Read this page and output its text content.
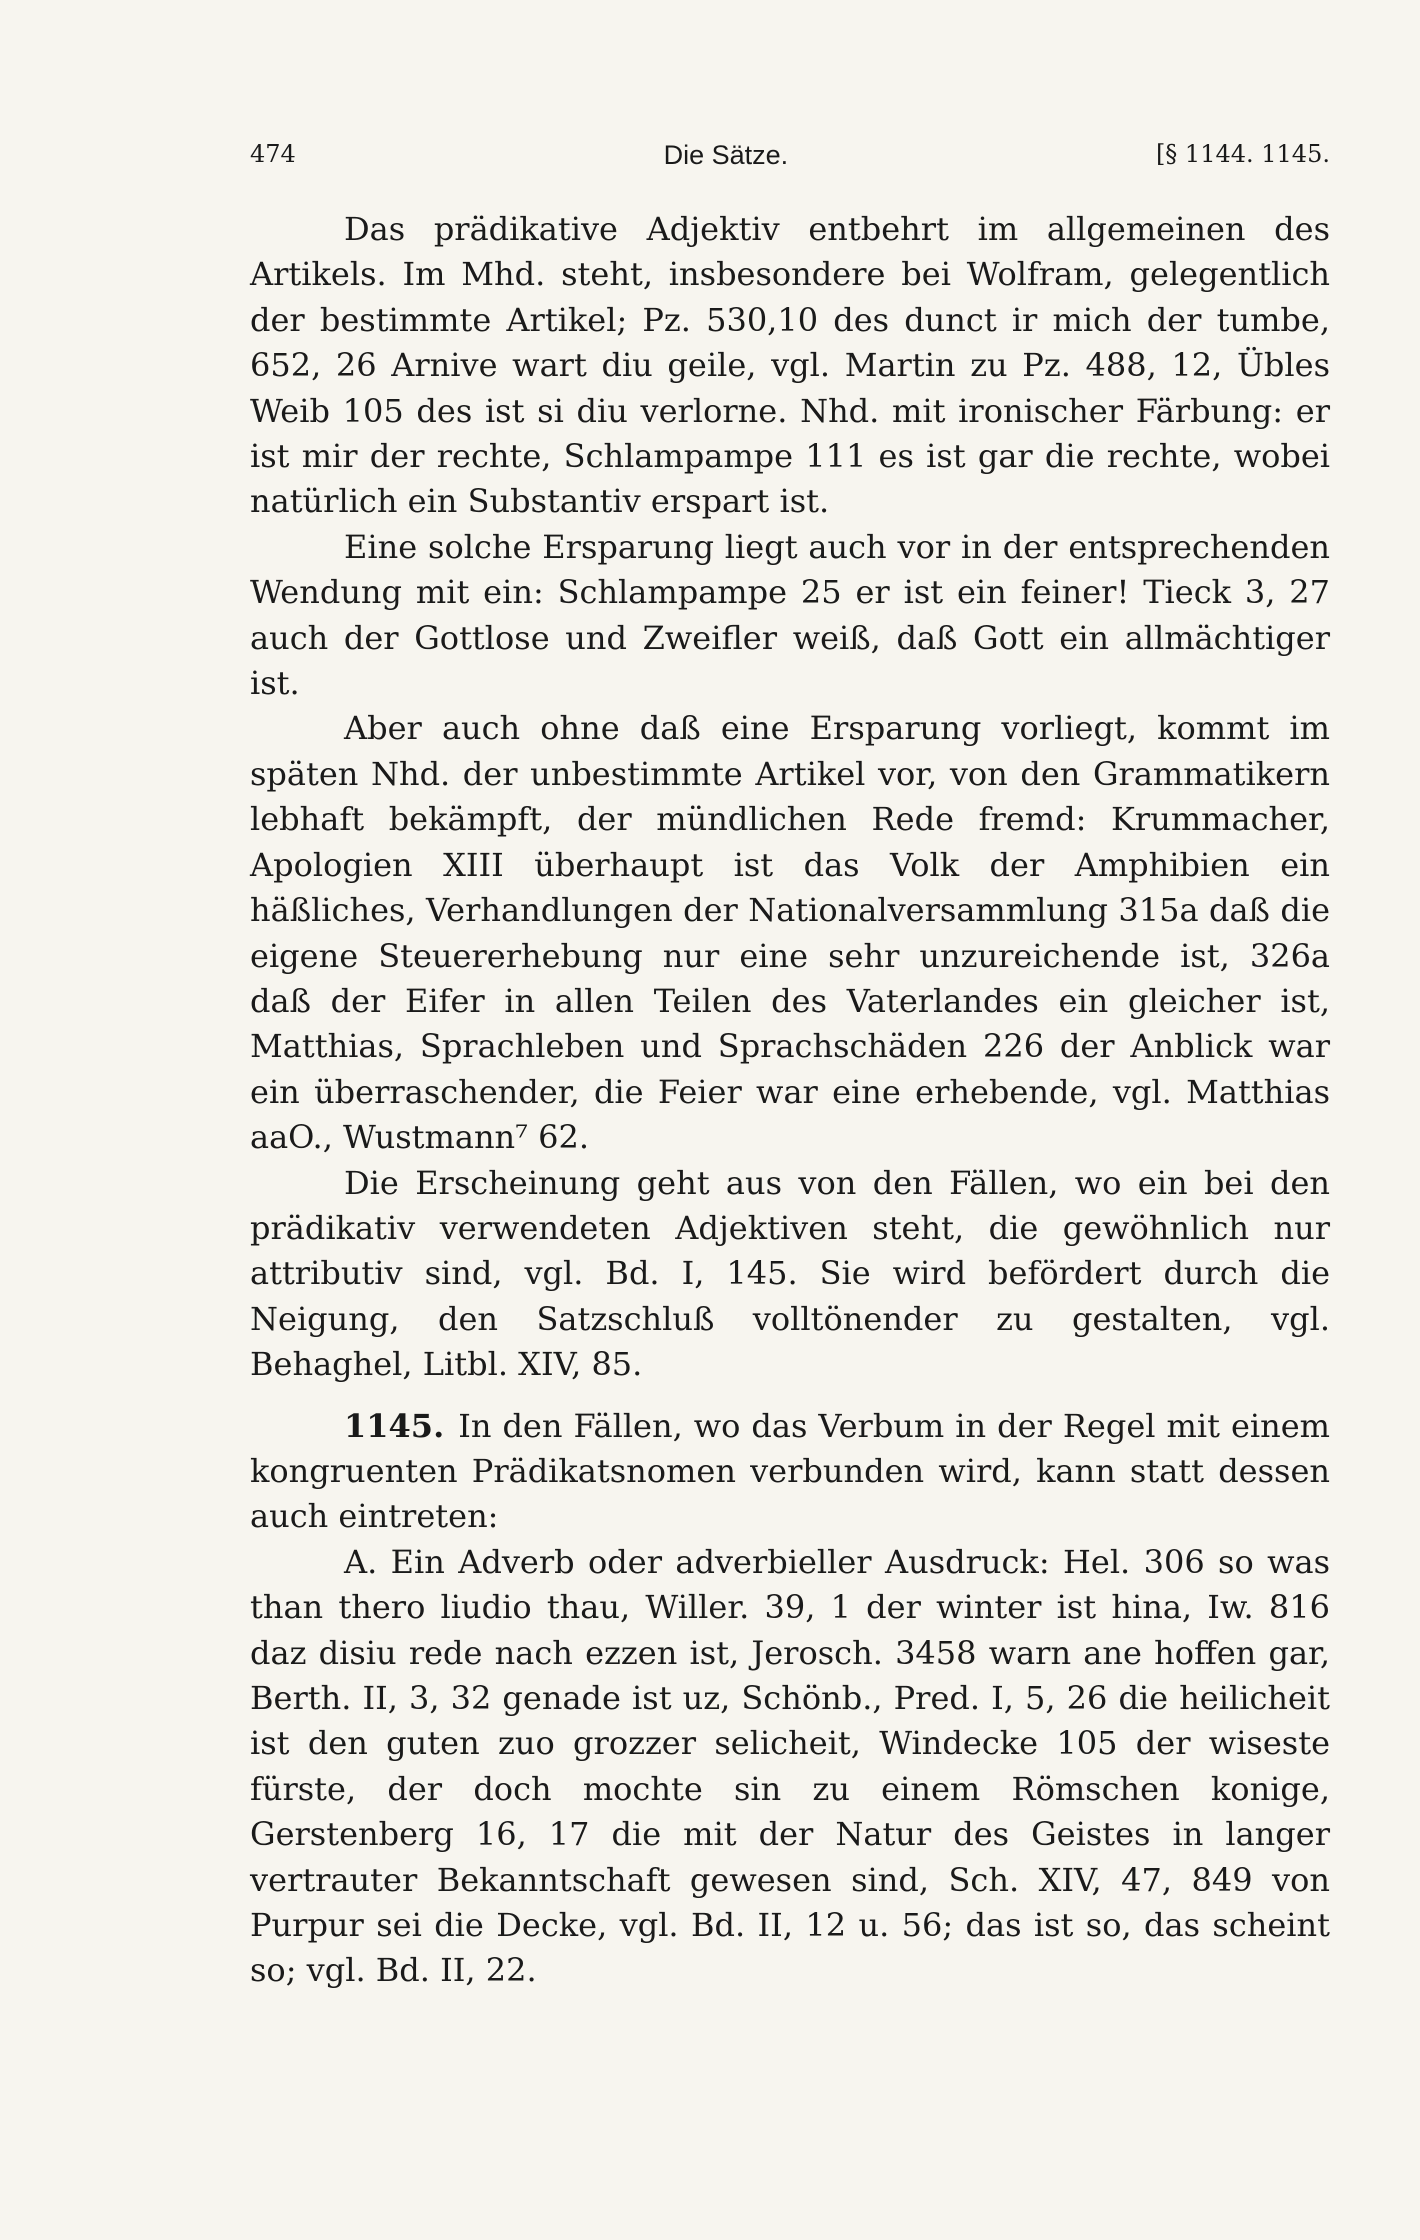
474	Die Sätze.	[§ 1144. 1145.

Das prädikative Adjektiv entbehrt im allgemeinen des Artikels. Im Mhd. steht, insbesondere bei Wolfram, gelegentlich der bestimmte Artikel; Pz. 530,10 des dunct ir mich der tumbe, 652, 26 Arnive wart diu geile, vgl. Martin zu Pz. 488, 12, Übles Weib 105 des ist si diu verlorne. Nhd. mit ironischer Färbung: er ist mir der rechte, Schlampampe 111 es ist gar die rechte, wobei natürlich ein Substantiv erspart ist.

Eine solche Ersparung liegt auch vor in der entsprechenden Wendung mit ein: Schlampampe 25 er ist ein feiner! Tieck 3, 27 auch der Gottlose und Zweifler weiß, daß Gott ein allmächtiger ist.

Aber auch ohne daß eine Ersparung vorliegt, kommt im späten Nhd. der unbestimmte Artikel vor, von den Grammatikern lebhaft bekämpft, der mündlichen Rede fremd: Krummacher, Apologien XIII überhaupt ist das Volk der Amphibien ein häßliches, Verhandlungen der Nationalversammlung 315a daß die eigene Steuererhebung nur eine sehr unzureichende ist, 326a daß der Eifer in allen Teilen des Vaterlandes ein gleicher ist, Matthias, Sprachleben und Sprachschäden 226 der Anblick war ein überraschender, die Feier war eine erhebende, vgl. Matthias aaO., Wustmann⁷ 62.

Die Erscheinung geht aus von den Fällen, wo ein bei den prädikativ verwendeten Adjektiven steht, die gewöhnlich nur attributiv sind, vgl. Bd. I, 145. Sie wird befördert durch die Neigung, den Satzschluß volltönender zu gestalten, vgl. Behaghel, Litbl. XIV, 85.

1145. In den Fällen, wo das Verbum in der Regel mit einem kongruenten Prädikatsnomen verbunden wird, kann statt dessen auch eintreten:

A. Ein Adverb oder adverbieller Ausdruck: Hel. 306 so was than thero liudio thau, Willer. 39, 1 der winter ist hina, Iw. 816 daz disiu rede nach ezzen ist, Jerosch. 3458 warn ane hoffen gar, Berth. II, 3, 32 genade ist uz, Schönb., Pred. I, 5, 26 die heilicheit ist den guten zuo grozzer selicheit, Windecke 105 der wiseste fürste, der doch mochte sin zu einem Römschen konige, Gerstenberg 16, 17 die mit der Natur des Geistes in langer vertrauter Bekanntschaft gewesen sind, Sch. XIV, 47, 849 von Purpur sei die Decke, vgl. Bd. II, 12 u. 56; das ist so, das scheint so; vgl. Bd. II, 22.
